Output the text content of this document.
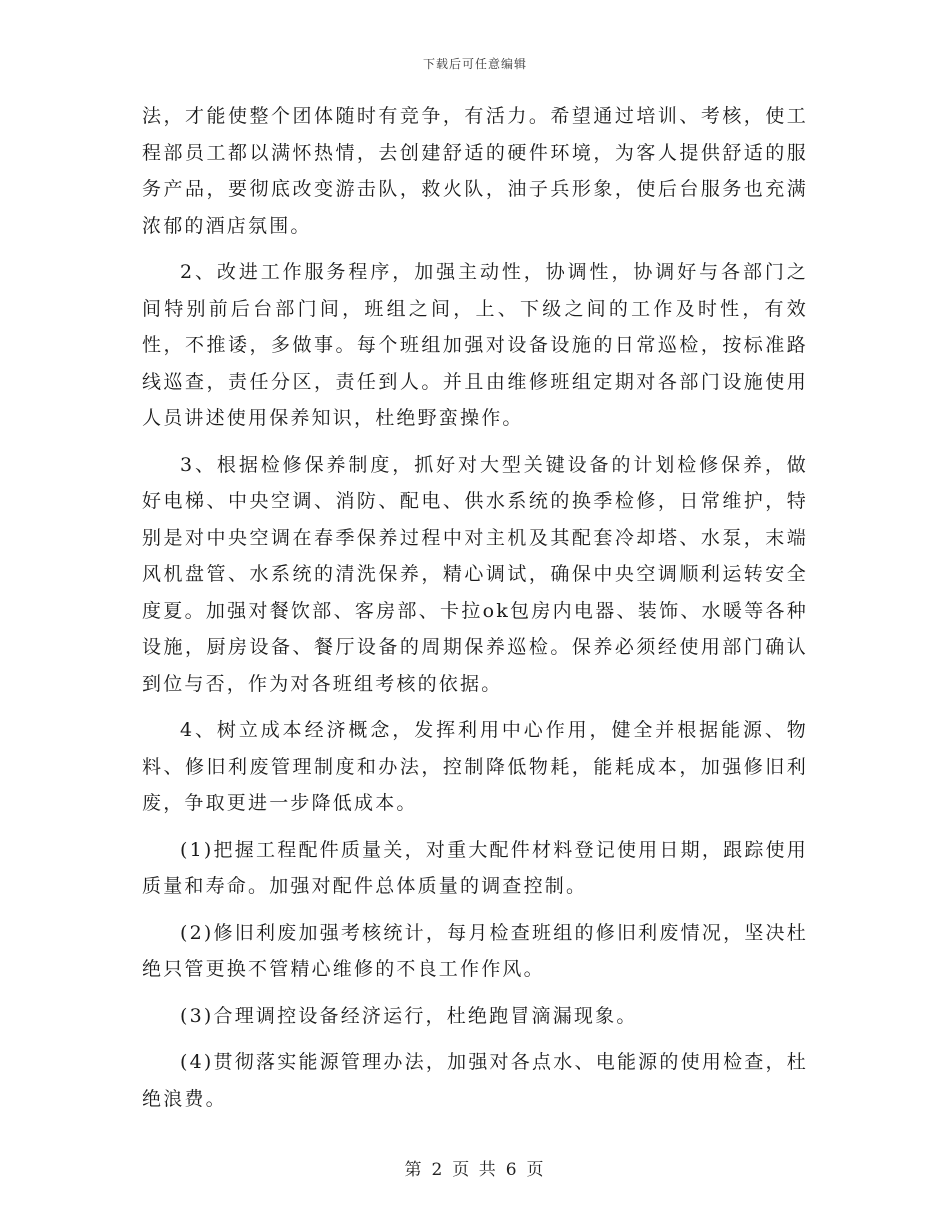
下载后可任意编辑

法，才能使整个团体随时有竞争，有活力。希望通过培训、考核，使工程部员工都以满怀热情，去创建舒适的硬件环境，为客人提供舒适的服务产品，要彻底改变游击队，救火队，油子兵形象，使后台服务也充满浓郁的酒店氛围。

2、改进工作服务程序，加强主动性，协调性，协调好与各部门之间特别前后台部门间，班组之间，上、下级之间的工作及时性，有效性，不推诿，多做事。每个班组加强对设备设施的日常巡检，按标准路线巡查，责任分区，责任到人。并且由维修班组定期对各部门设施使用人员讲述使用保养知识，杜绝野蛮操作。

3、根据检修保养制度，抓好对大型关键设备的计划检修保养，做好电梯、中央空调、消防、配电、供水系统的换季检修，日常维护，特别是对中央空调在春季保养过程中对主机及其配套冷却塔、水泵，末端风机盘管、水系统的清洗保养，精心调试，确保中央空调顺利运转安全度夏。加强对餐饮部、客房部、卡拉ok包房内电器、装饰、水暖等各种设施，厨房设备、餐厅设备的周期保养巡检。保养必须经使用部门确认到位与否，作为对各班组考核的依据。

4、树立成本经济概念，发挥利用中心作用，健全并根据能源、物料、修旧利废管理制度和办法，控制降低物耗，能耗成本，加强修旧利废，争取更进一步降低成本。

(1)把握工程配件质量关，对重大配件材料登记使用日期，跟踪使用质量和寿命。加强对配件总体质量的调查控制。

(2)修旧利废加强考核统计，每月检查班组的修旧利废情况，坚决杜绝只管更换不管精心维修的不良工作作风。

(3)合理调控设备经济运行，杜绝跑冒滴漏现象。

(4)贯彻落实能源管理办法，加强对各点水、电能源的使用检查，杜绝浪费。

第 2 页 共 6 页
